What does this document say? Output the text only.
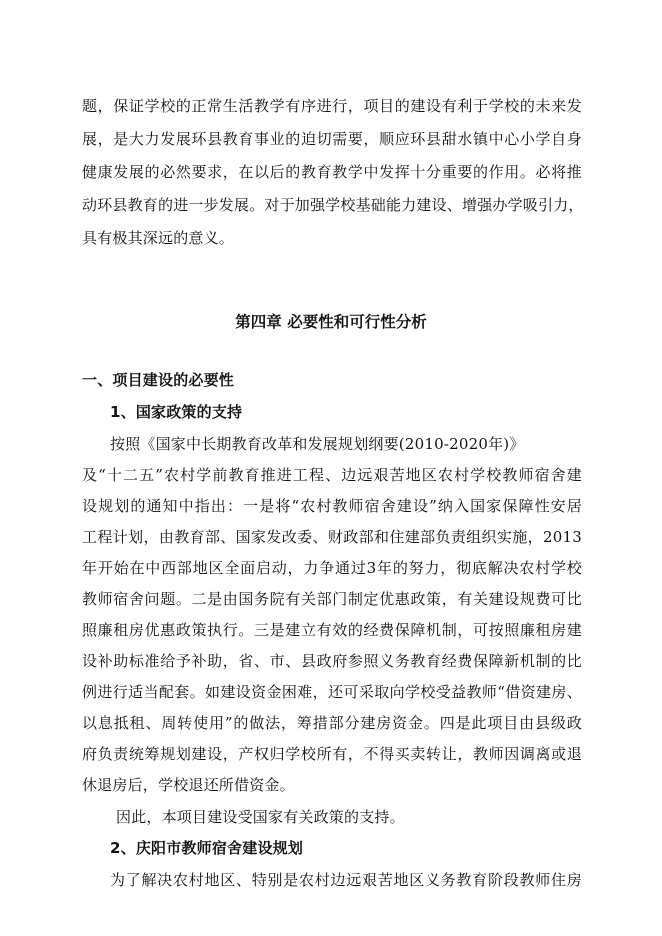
题，保证学校的正常生活教学有序进行，项目的建设有利于学校的未来发
展，是大力发展环县教育事业的迫切需要，顺应环县甜水镇中心小学自身
健康发展的必然要求，在以后的教育教学中发挥十分重要的作用。必将推
动环县教育的进一步发展。对于加强学校基础能力建设、增强办学吸引力，
具有极其深远的意义。
第四章 必要性和可行性分析
一、项目建设的必要性
1、国家政策的支持
按照《国家中长期教育改革和发展规划纲要(2010-2020年)》
及“十二五”农村学前教育推进工程、边远艰苦地区农村学校教师宿舍建
设规划的通知中指出：一是将“农村教师宿舍建设”纳入国家保障性安居
工程计划，由教育部、国家发改委、财政部和住建部负责组织实施，2013
年开始在中西部地区全面启动，力争通过3年的努力，彻底解决农村学校
教师宿舍问题。二是由国务院有关部门制定优惠政策，有关建设规费可比
照廉租房优惠政策执行。三是建立有效的经费保障机制，可按照廉租房建
设补助标准给予补助，省、市、县政府参照义务教育经费保障新机制的比
例进行适当配套。如建设资金困难，还可采取向学校受益教师“借资建房、
以息抵租、周转使用”的做法，筹措部分建房资金。四是此项目由县级政
府负责统筹规划建设，产权归学校所有，不得买卖转让，教师因调离或退
休退房后，学校退还所借资金。
因此，本项目建设受国家有关政策的支持。
2、庆阳市教师宿舍建设规划
为了解决农村地区、特别是农村边远艰苦地区义务教育阶段教师住房
